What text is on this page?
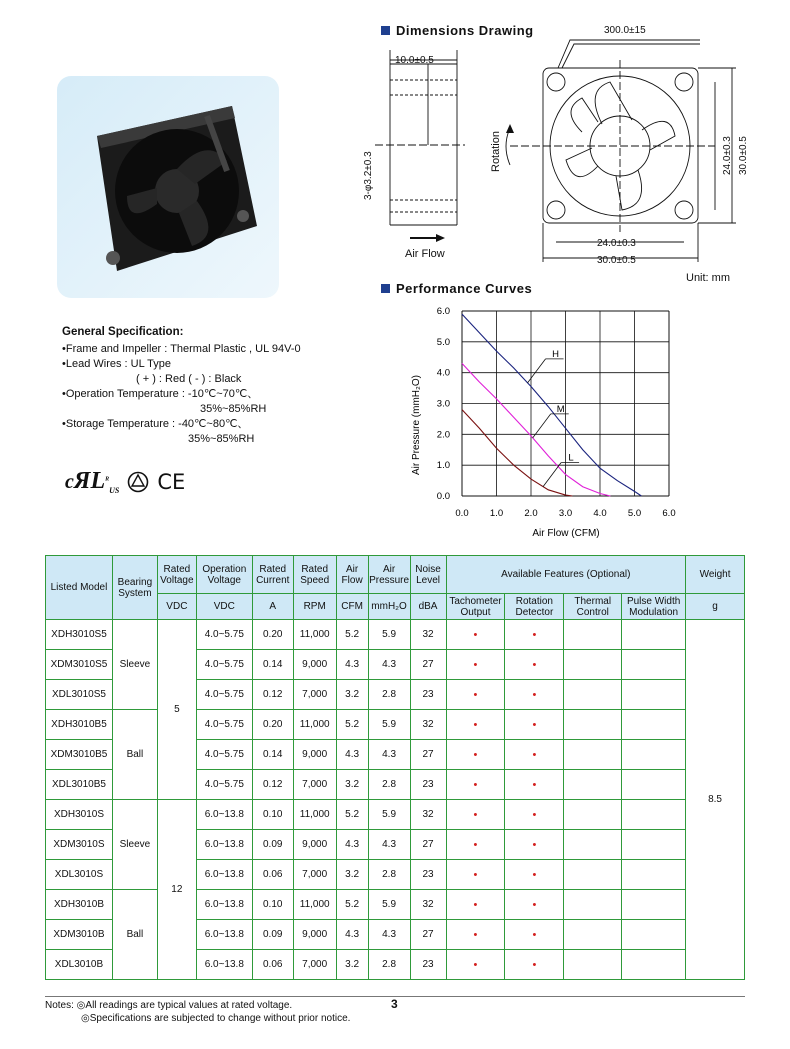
Dimensions Drawing
10.0±0.5
3-φ3.2±0.3
300.0±15
24.0±0.3 30.0±0.5
24.0±0.3
30.0±0.5
Rotation
Air Flow
Unit: mm
Performance Curves
0.0 1.0 2.0 3.0 4.0 5.0 6.0
0.0
1.0
2.0
3.0
4.0
5.0
6.0
H
M
L
Air Flow (CFM)
Air Pressure (mmH₂O)
General Specification:
•Frame and Impeller : Thermal Plastic , UL 94V-0
•Lead Wires : UL Type
( + ) : Red ( - ) : Black
•Operation Temperature : -10℃~70℃、
35%~85%RH
•Storage Temperature : -40℃~80℃、
35%~85%RH
cЯL$^R_{US}$ CE
Listed Model	Bearing System	Rated Voltage	Operation Voltage	Rated Current	Rated Speed	Air Flow	Air Pressure	Noise Level	Available Features (Optional)				Weight
		VDC	VDC	A	RPM	CFM	mmH₂O	dBA	Tachometer Output	Rotation Detector	Thermal Control	Pulse Width Modulation	g
XDH3010S5	Sleeve	5	4.0~5.75	0.20	11,000	5.2	5.9	32	•	•			8.5
XDM3010S5			4.0~5.75	0.14	9,000	4.3	4.3	27	•	•			
XDL3010S5			4.0~5.75	0.12	7,000	3.2	2.8	23	•	•			
XDH3010B5	Ball		4.0~5.75	0.20	11,000	5.2	5.9	32	•	•			
XDM3010B5			4.0~5.75	0.14	9,000	4.3	4.3	27	•	•			
XDL3010B5			4.0~5.75	0.12	7,000	3.2	2.8	23	•	•			
XDH3010S	Sleeve	12	6.0~13.8	0.10	11,000	5.2	5.9	32	•	•			
XDM3010S			6.0~13.8	0.09	9,000	4.3	4.3	27	•	•			
XDL3010S			6.0~13.8	0.06	7,000	3.2	2.8	23	•	•			
XDH3010B	Ball		6.0~13.8	0.10	11,000	5.2	5.9	32	•	•			
XDM3010B			6.0~13.8	0.09	9,000	4.3	4.3	27	•	•			
XDL3010B			6.0~13.8	0.06	7,000	3.2	2.8	23	•	•			
Notes: ◎All readings are typical values at rated voltage.
◎Specifications are subjected to change without prior notice.
3
